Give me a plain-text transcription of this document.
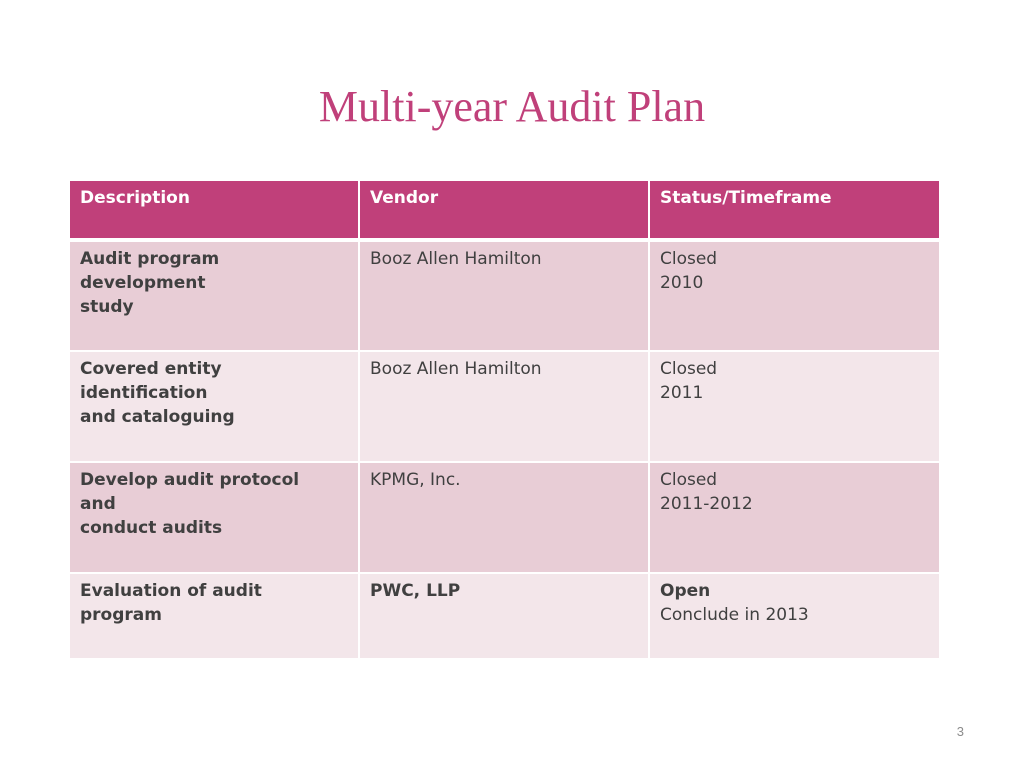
Multi-year Audit Plan
Description	Vendor	Status/Timeframe

Audit program
development
study	Booz Allen Hamilton	Closed
2010

Covered entity
identification
and cataloguing	Booz Allen Hamilton	Closed
2011

Develop audit protocol
and
conduct audits	KPMG, Inc.	Closed
2011-2012

Evaluation of audit
program	PWC, LLP	Open
Conclude in 2013
3
